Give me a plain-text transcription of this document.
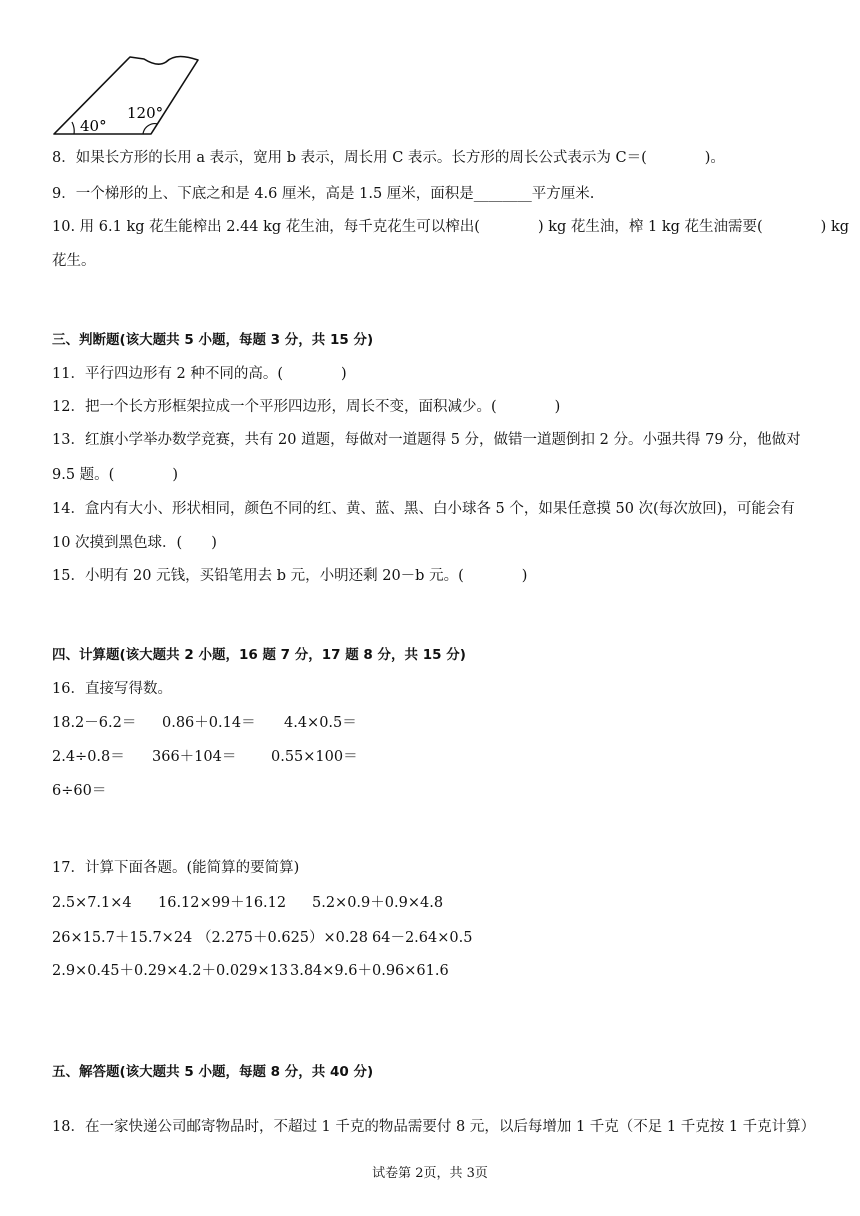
40°
120°
8．如果长方形的长用 a 表示，宽用 b 表示，周长用 C 表示。长方形的周长公式表示为 C＝(　　　　)。
9．一个梯形的上、下底之和是 4.6 厘米，高是 1.5 厘米，面积是________平方厘米.
10. 用 6.1 kg 花生能榨出 2.44 kg 花生油，每千克花生可以榨出(　　　　) kg 花生油，榨 1 kg 花生油需要(　　　　) kg
花生。
三、判断题(该大题共 5 小题，每题 3 分，共 15 分)
11．平行四边形有 2 种不同的高。(　　　　)
12．把一个长方形框架拉成一个平形四边形，周长不变，面积减少。(　　　　)
13．红旗小学举办数学竞赛，共有 20 道题，每做对一道题得 5 分，做错一道题倒扣 2 分。小强共得 79 分，他做对
9.5 题。(　　　　)
14．盒内有大小、形状相同，颜色不同的红、黄、蓝、黑、白小球各 5 个，如果任意摸 50 次(每次放回)，可能会有
10 次摸到黑色球．(　　)
15．小明有 20 元钱，买铅笔用去 b 元，小明还剩 20－b 元。(　　　　)
四、计算题(该大题共 2 小题，16 题 7 分，17 题 8 分，共 15 分)
16．直接写得数。
18.2－6.2＝ 0.86＋0.14＝ 4.4×0.5＝
2.4÷0.8＝ 366＋104＝ 0.55×100＝
6÷60＝
17．计算下面各题。(能简算的要简算)
2.5×7.1×4 16.12×99＋16.12 5.2×0.9＋0.9×4.8
26×15.7＋15.7×24 （2.275＋0.625）×0.28 64－2.64×0.5
2.9×0.45＋0.29×4.2＋0.029×13 3.84×9.6＋0.96×61.6
五、解答题(该大题共 5 小题，每题 8 分，共 40 分)
18．在一家快递公司邮寄物品时，不超过 1 千克的物品需要付 8 元，以后每增加 1 千克（不足 1 千克按 1 千克计算）
试卷第 2页，共 3页
